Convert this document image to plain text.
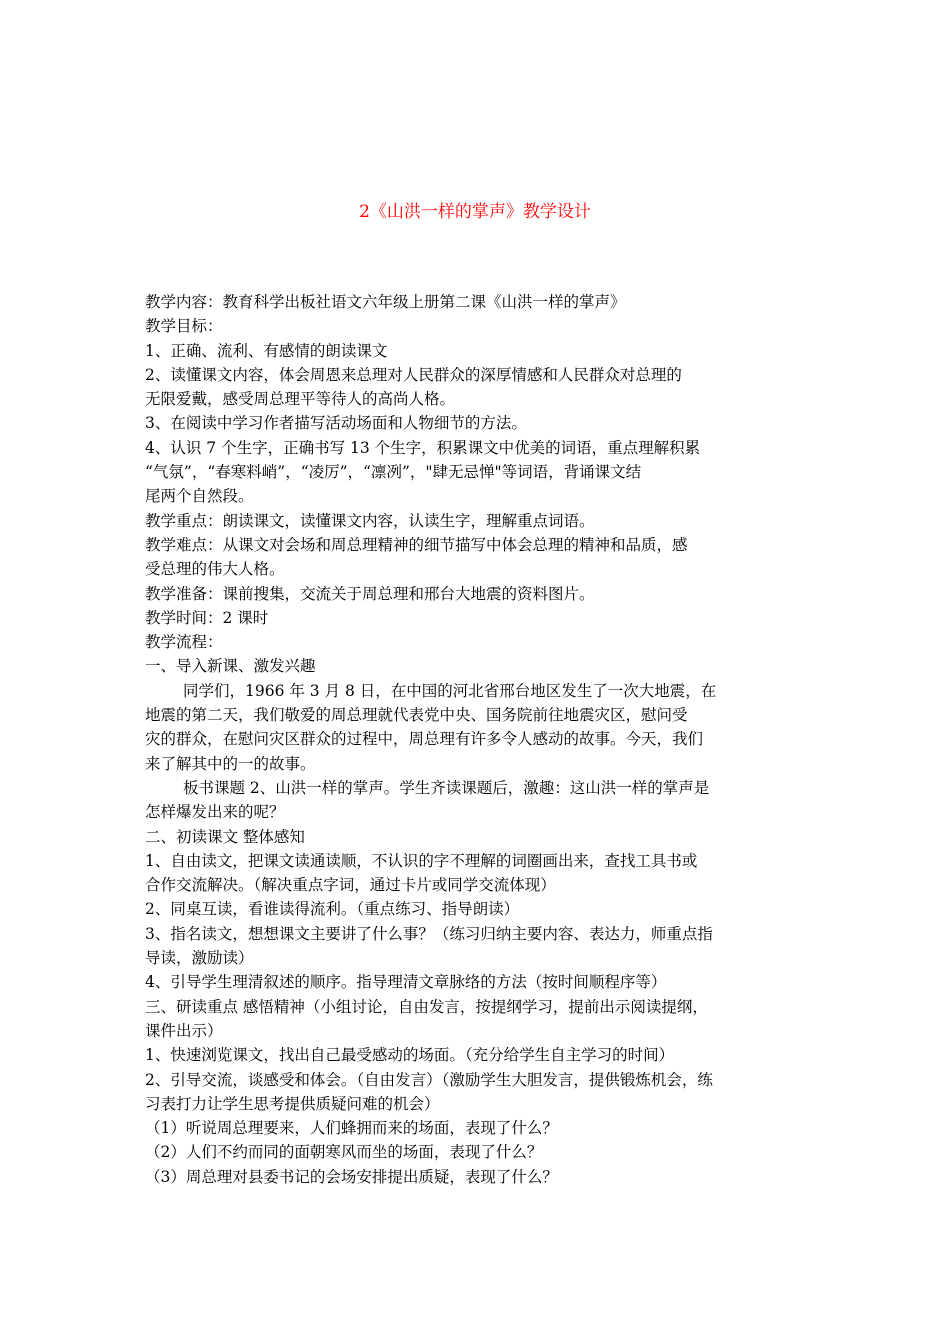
2《山洪一样的掌声》教学设计
教学内容：教育科学出板社语文六年级上册第二课《山洪一样的掌声》
教学目标：
1、正确、流利、有感情的朗读课文
2、读懂课文内容，体会周恩来总理对人民群众的深厚情感和人民群众对总理的
无限爱戴，感受周总理平等待人的高尚人格。
3、在阅读中学习作者描写活动场面和人物细节的方法。
4、认识 7 个生字，正确书写 13 个生字，积累课文中优美的词语，重点理解积累
“气氛”，“春寒料峭”，“凌厉”，“凛冽”，"肆无忌惮"等词语，背诵课文结
尾两个自然段。
教学重点：朗读课文，读懂课文内容，认读生字，理解重点词语。
教学难点：从课文对会场和周总理精神的细节描写中体会总理的精神和品质，感
受总理的伟大人格。
教学准备：课前搜集，交流关于周总理和邢台大地震的资料图片。
教学时间：2 课时
教学流程：
一、导入新课、激发兴趣
同学们，1966 年 3 月 8 日，在中国的河北省邢台地区发生了一次大地震，在
地震的第二天，我们敬爱的周总理就代表党中央、国务院前往地震灾区，慰问受
灾的群众，在慰问灾区群众的过程中，周总理有许多令人感动的故事。今天，我们
来了解其中的一的故事。
板书课题 2、山洪一样的掌声。学生齐读课题后，激趣：这山洪一样的掌声是
怎样爆发出来的呢？
二、初读课文 整体感知
1、自由读文，把课文读通读顺，不认识的字不理解的词圈画出来，查找工具书或
合作交流解决。（解决重点字词，通过卡片或同学交流体现）
2、同桌互读，看谁读得流利。（重点练习、指导朗读）
3、指名读文，想想课文主要讲了什么事？（练习归纳主要内容、表达力，师重点指
导读，激励读）
4、引导学生理清叙述的顺序。指导理清文章脉络的方法（按时间顺程序等）
三、研读重点 感悟精神（小组讨论，自由发言，按提纲学习，提前出示阅读提纲，
课件出示）
1、快速浏览课文，找出自己最受感动的场面。（充分给学生自主学习的时间）
2、引导交流，谈感受和体会。（自由发言）（激励学生大胆发言，提供锻炼机会，练
习表打力让学生思考提供质疑问难的机会）
（1）听说周总理要来，人们蜂拥而来的场面，表现了什么？
（2）人们不约而同的面朝寒风而坐的场面，表现了什么？
（3）周总理对县委书记的会场安排提出质疑，表现了什么？
